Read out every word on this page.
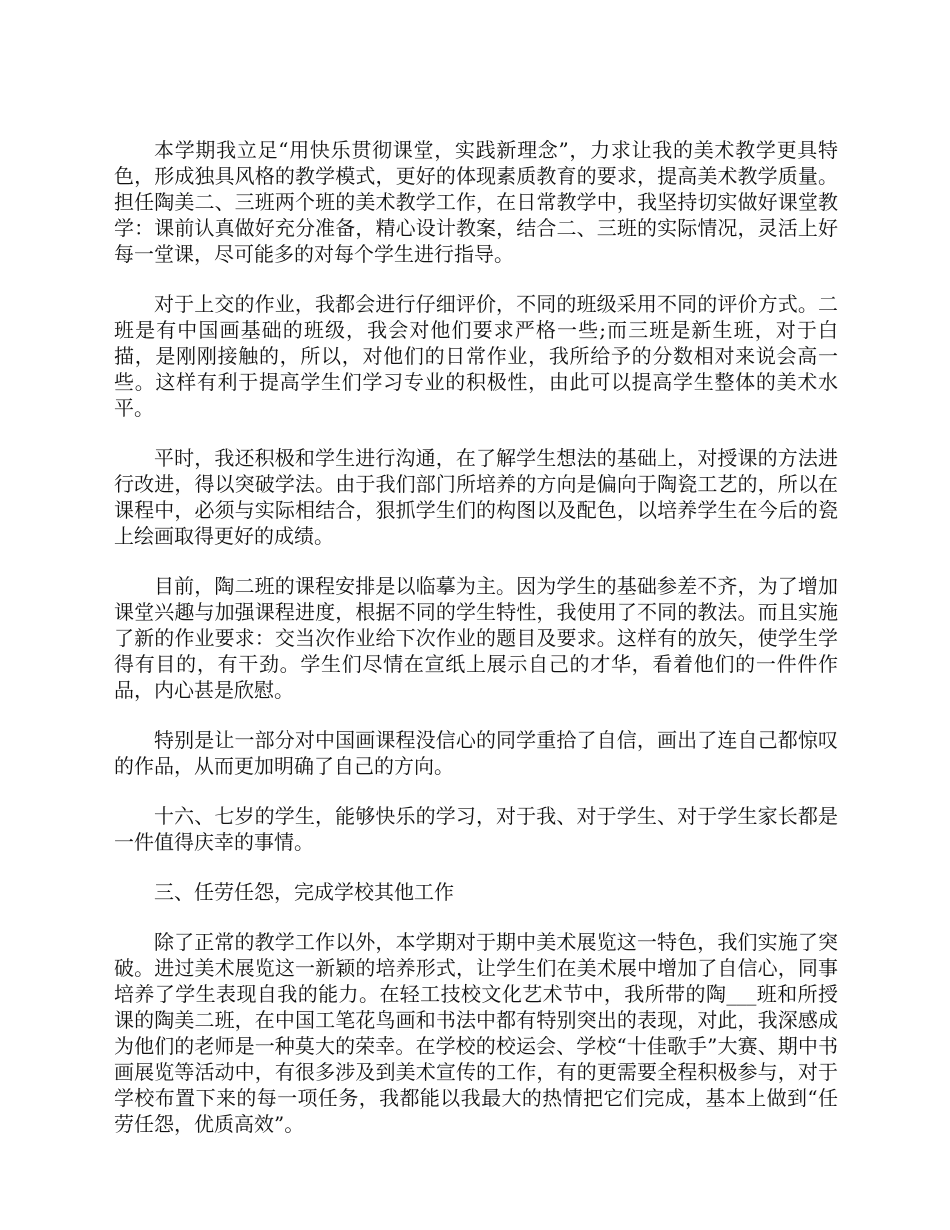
本学期我立足“用快乐贯彻课堂，实践新理念”，力求让我的美术教学更具特色，形成独具风格的教学模式，更好的体现素质教育的要求，提高美术教学质量。担任陶美二、三班两个班的美术教学工作，在日常教学中，我坚持切实做好课堂教学：课前认真做好充分准备，精心设计教案，结合二、三班的实际情况，灵活上好每一堂课，尽可能多的对每个学生进行指导。

对于上交的作业，我都会进行仔细评价，不同的班级采用不同的评价方式。二班是有中国画基础的班级，我会对他们要求严格一些;而三班是新生班，对于白描，是刚刚接触的，所以，对他们的日常作业，我所给予的分数相对来说会高一些。这样有利于提高学生们学习专业的积极性，由此可以提高学生整体的美术水平。

平时，我还积极和学生进行沟通，在了解学生想法的基础上，对授课的方法进行改进，得以突破学法。由于我们部门所培养的方向是偏向于陶瓷工艺的，所以在课程中，必须与实际相结合，狠抓学生们的构图以及配色，以培养学生在今后的瓷上绘画取得更好的成绩。

目前，陶二班的课程安排是以临摹为主。因为学生的基础参差不齐，为了增加课堂兴趣与加强课程进度，根据不同的学生特性，我使用了不同的教法。而且实施了新的作业要求：交当次作业给下次作业的题目及要求。这样有的放矢，使学生学得有目的，有干劲。学生们尽情在宣纸上展示自己的才华，看着他们的一件件作品，内心甚是欣慰。

特别是让一部分对中国画课程没信心的同学重拾了自信，画出了连自己都惊叹的作品，从而更加明确了自己的方向。

十六、七岁的学生，能够快乐的学习，对于我、对于学生、对于学生家长都是一件值得庆幸的事情。

三、任劳任怨，完成学校其他工作

除了正常的教学工作以外，本学期对于期中美术展览这一特色，我们实施了突破。进过美术展览这一新颖的培养形式，让学生们在美术展中增加了自信心，同事培养了学生表现自我的能力。在轻工技校文化艺术节中，我所带的陶___班和所授课的陶美二班，在中国工笔花鸟画和书法中都有特别突出的表现，对此，我深感成为他们的老师是一种莫大的荣幸。在学校的校运会、学校“十佳歌手”大赛、期中书画展览等活动中，有很多涉及到美术宣传的工作，有的更需要全程积极参与，对于学校布置下来的每一项任务，我都能以我最大的热情把它们完成，基本上做到“任劳任怨，优质高效”。
